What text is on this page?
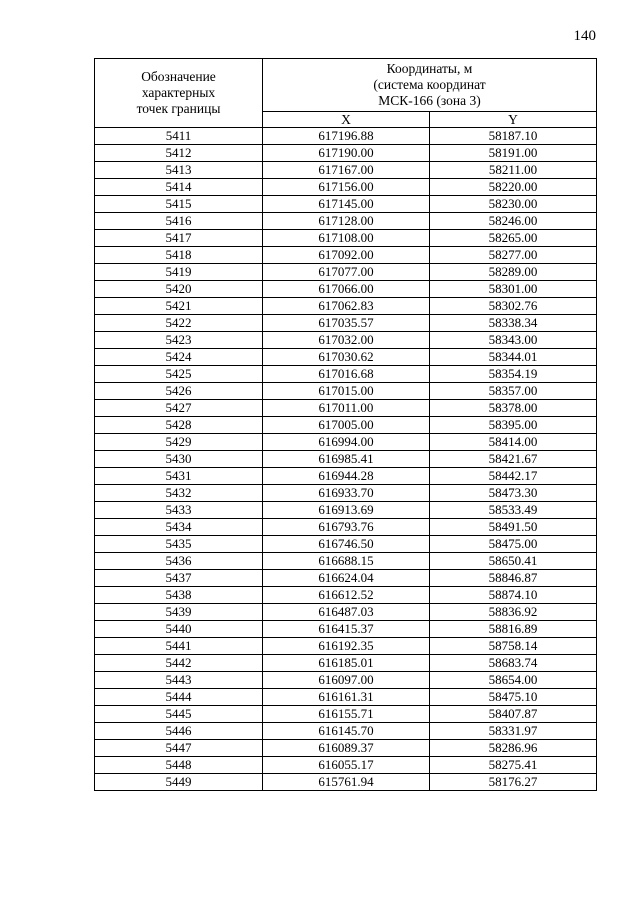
140
Обозначение
характерных
точек границы	Координаты, м
(система координат
МСК-166 (зона 3)	

	X	Y
5411	617196.88	58187.10
5412	617190.00	58191.00
5413	617167.00	58211.00
5414	617156.00	58220.00
5415	617145.00	58230.00
5416	617128.00	58246.00
5417	617108.00	58265.00
5418	617092.00	58277.00
5419	617077.00	58289.00
5420	617066.00	58301.00
5421	617062.83	58302.76
5422	617035.57	58338.34
5423	617032.00	58343.00
5424	617030.62	58344.01
5425	617016.68	58354.19
5426	617015.00	58357.00
5427	617011.00	58378.00
5428	617005.00	58395.00
5429	616994.00	58414.00
5430	616985.41	58421.67
5431	616944.28	58442.17
5432	616933.70	58473.30
5433	616913.69	58533.49
5434	616793.76	58491.50
5435	616746.50	58475.00
5436	616688.15	58650.41
5437	616624.04	58846.87
5438	616612.52	58874.10
5439	616487.03	58836.92
5440	616415.37	58816.89
5441	616192.35	58758.14
5442	616185.01	58683.74
5443	616097.00	58654.00
5444	616161.31	58475.10
5445	616155.71	58407.87
5446	616145.70	58331.97
5447	616089.37	58286.96
5448	616055.17	58275.41
5449	615761.94	58176.27
